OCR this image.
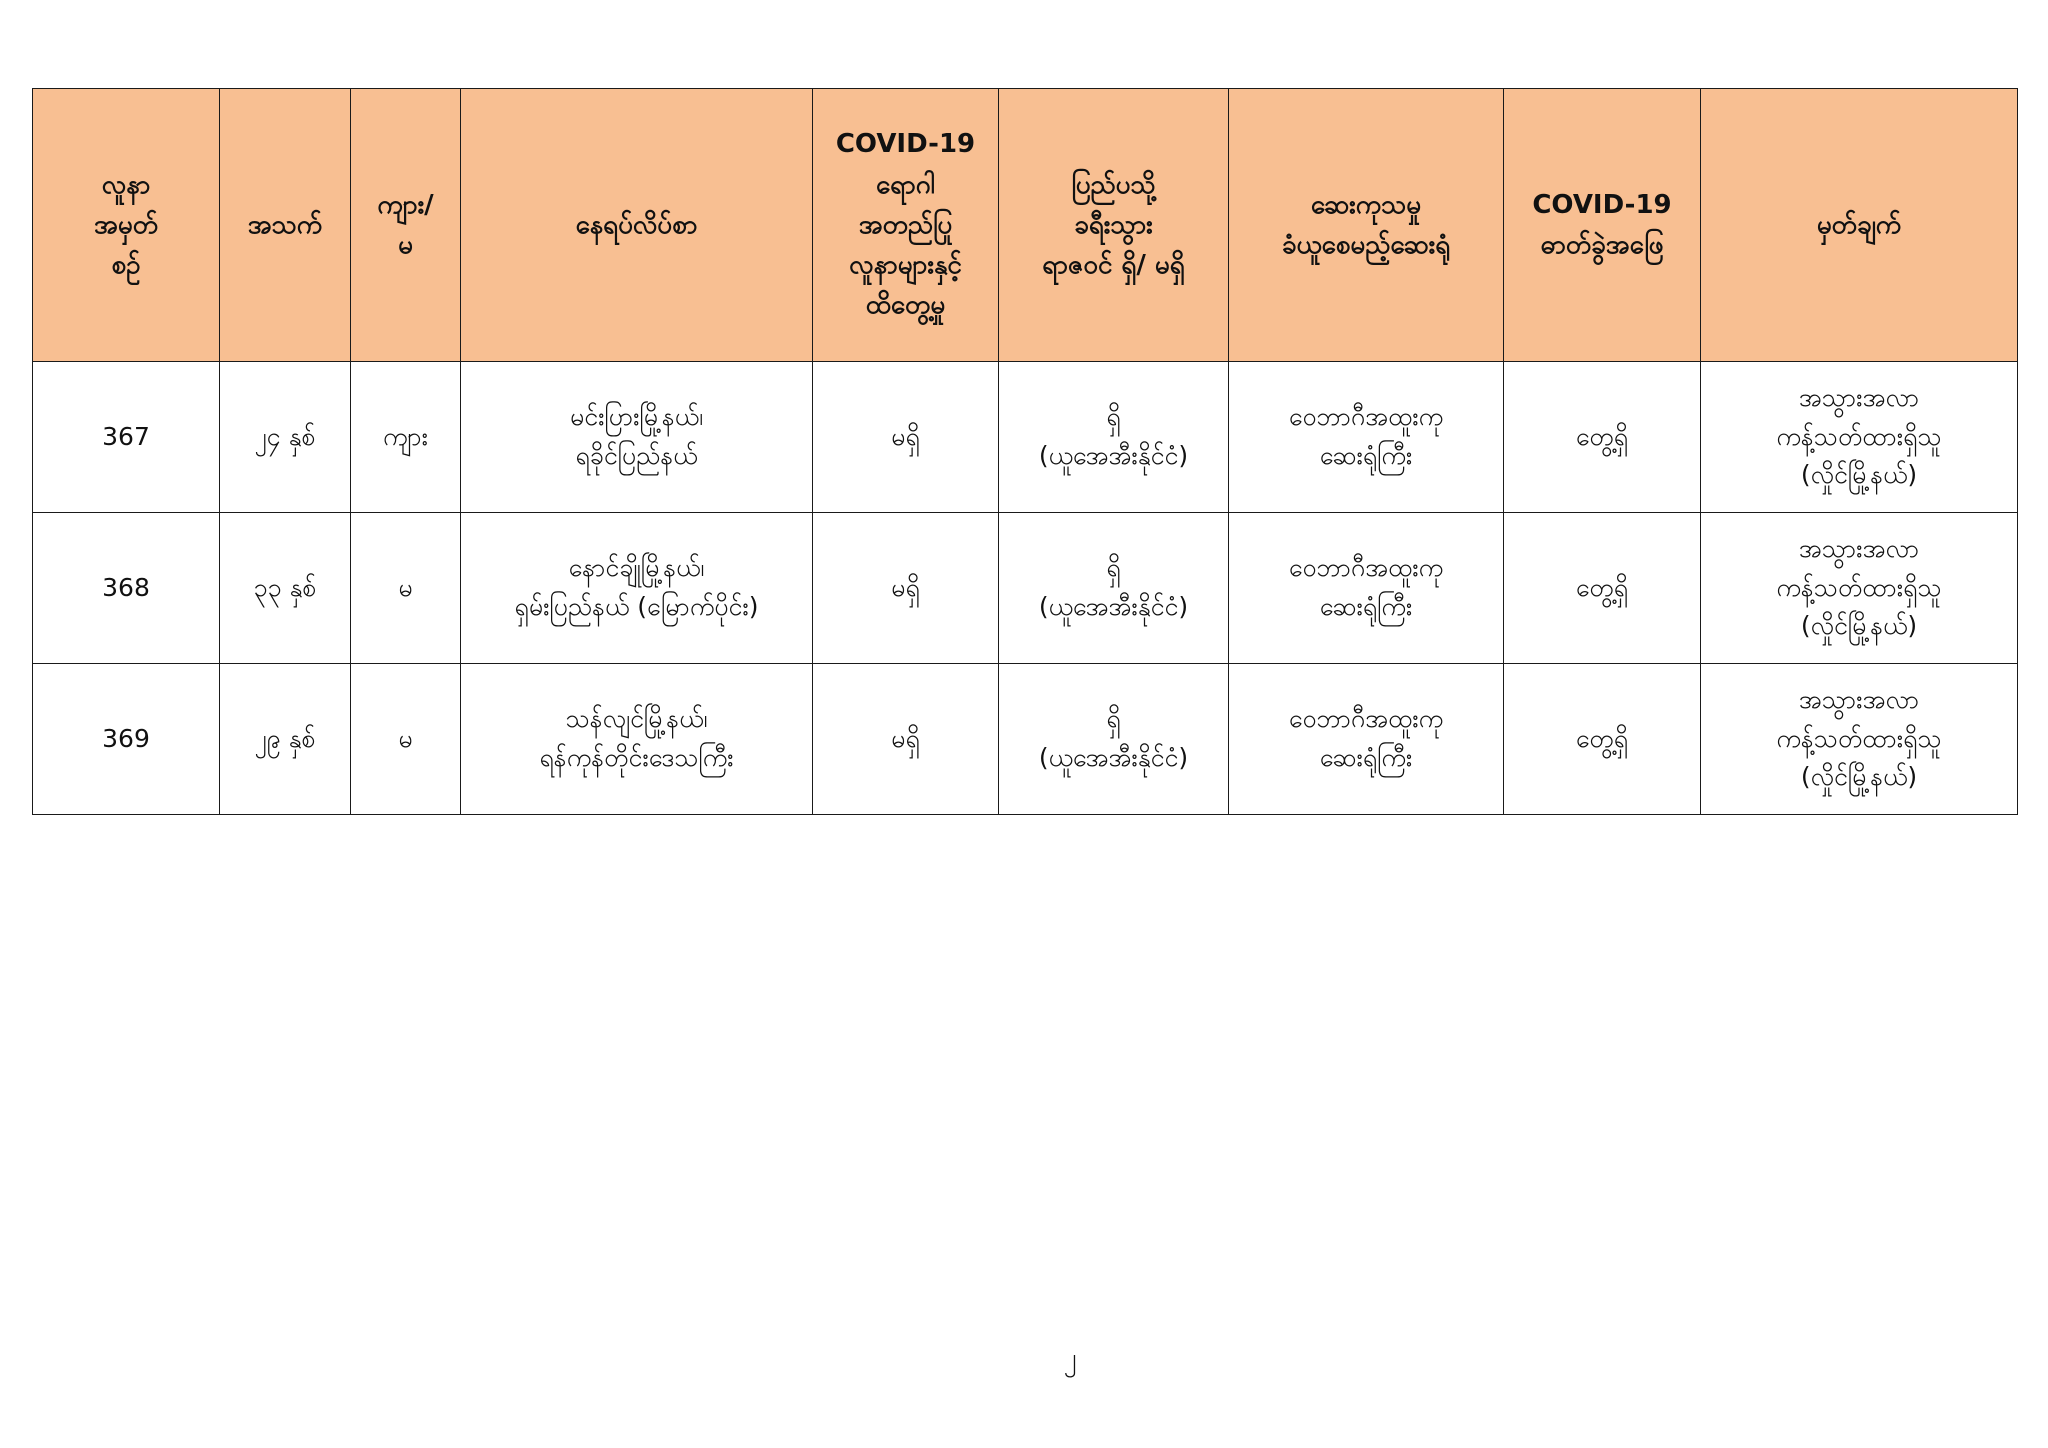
လူနာ
အမှတ်
စဉ်	အသက်	ကျား/
မ	နေရပ်လိပ်စာ	COVID-19
ရောဂါ
အတည်ပြု
လူနာများနှင့်
ထိတွေ့မှု	ပြည်ပသို့
ခရီးသွား
ရာဇဝင် ရှိ/ မရှိ	ဆေးကုသမှု
ခံယူစေမည့်ဆေးရုံ	COVID-19
ဓာတ်ခွဲအဖြေ	မှတ်ချက်
367	၂၄ နှစ်	ကျား	မင်းပြားမြို့နယ်၊
ရခိုင်ပြည်နယ်	မရှိ	ရှိ
(ယူအေအီးနိုင်ငံ)	ဝေဘာဂီအထူးကု
ဆေးရုံကြီး	တွေ့ရှိ	အသွားအလာ
ကန့်သတ်ထားရှိသူ
(လှိုင်မြို့နယ်)
368	၃၃ နှစ်	မ	နောင်ချိုမြို့နယ်၊
ရှမ်းပြည်နယ် (မြောက်ပိုင်း)	မရှိ	ရှိ
(ယူအေအီးနိုင်ငံ)	ဝေဘာဂီအထူးကု
ဆေးရုံကြီး	တွေ့ရှိ	အသွားအလာ
ကန့်သတ်ထားရှိသူ
(လှိုင်မြို့နယ်)
369	၂၉ နှစ်	မ	သန်လျင်မြို့နယ်၊
ရန်ကုန်တိုင်းဒေသကြီး	မရှိ	ရှိ
(ယူအေအီးနိုင်ငံ)	ဝေဘာဂီအထူးကု
ဆေးရုံကြီး	တွေ့ရှိ	အသွားအလာ
ကန့်သတ်ထားရှိသူ
(လှိုင်မြို့နယ်)
၂
